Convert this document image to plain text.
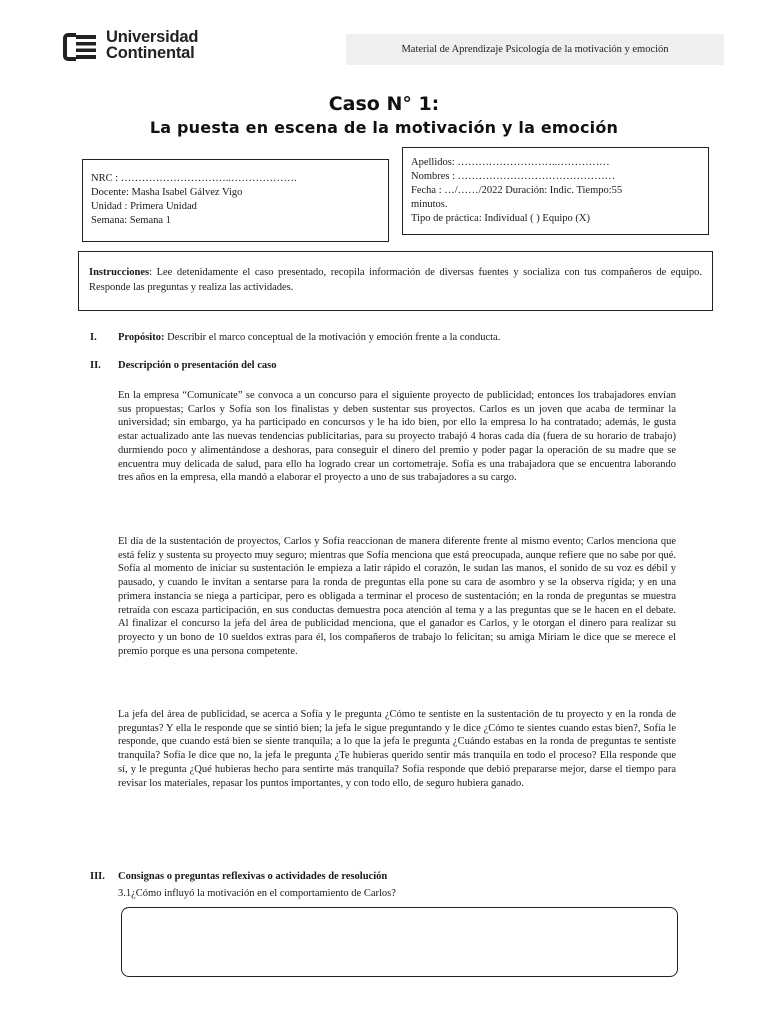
Universidad
Continental	Material de Aprendizaje Psicología de la motivación y emoción
Caso N° 1:
La puesta en escena de la motivación y la emoción
NRC : …………………………..……………….
Docente: Masha Isabel Gálvez Vigo
Unidad : Primera Unidad
Semana: Semana 1
Apellidos: ………………………..……………
Nombres : ………………………………………
Fecha : …/……/2022 Duración: Indic. Tiempo:55
minutos.
Tipo de práctica: Individual ( ) Equipo (X)
Instrucciones: Lee detenidamente el caso presentado, recopila información de diversas fuentes y socializa con tus compañeros de equipo. Responde las preguntas y realiza las actividades.
I. Propósito: Describir el marco conceptual de la motivación y emoción frente a la conducta.
II. Descripción o presentación del caso
En la empresa “Comunícate” se convoca a un concurso para el siguiente proyecto de publicidad; entonces los trabajadores envían sus propuestas; Carlos y Sofía son los finalistas y deben sustentar sus proyectos. Carlos es un joven que acaba de terminar la universidad; sin embargo, ya ha participado en concursos y le ha ido bien, por ello la empresa lo ha contratado; además, le gusta estar actualizado ante las nuevas tendencias publicitarias, para su proyecto trabajó 4 horas cada día (fuera de su horario de trabajo) durmiendo poco y alimentándose a deshoras, para conseguir el dinero del premio y poder pagar la operación de su madre que se encuentra muy delicada de salud, para ello ha logrado crear un cortometraje. Sofía es una trabajadora que se encuentra laborando tres años en la empresa, ella mandó a elaborar el proyecto a uno de sus trabajadores a su cargo.
El día de la sustentación de proyectos, Carlos y Sofía reaccionan de manera diferente frente al mismo evento; Carlos menciona que está feliz y sustenta su proyecto muy seguro; mientras que Sofía menciona que está preocupada, aunque refiere que no sabe por qué. Sofía al momento de iniciar su sustentación le empieza a latir rápido el corazón, le sudan las manos, el sonido de su voz es débil y pausado, y cuando le invitan a sentarse para la ronda de preguntas ella pone su cara de asombro y se la observa rígida; y en una primera instancia se niega a participar, pero es obligada a terminar el proceso de sustentación; en la ronda de preguntas se muestra retraída con escaza participación, en sus conductas demuestra poca atención al tema y a las preguntas que se le hacen en el debate. Al finalizar el concurso la jefa del área de publicidad menciona, que el ganador es Carlos, y le otorgan el dinero para realizar su proyecto y un bono de 10 sueldos extras para él, los compañeros de trabajo lo felicitan; su amiga Miriam le dice que se merece el premio porque es una persona competente.
La jefa del área de publicidad, se acerca a Sofía y le pregunta ¿Cómo te sentiste en la sustentación de tu proyecto y en la ronda de preguntas? Y ella le responde que se sintió bien; la jefa le sigue preguntando y le dice ¿Cómo te sientes cuando estas bien?, Sofía le responde, que cuando está bien se siente tranquila; a lo que la jefa le pregunta ¿Cuándo estabas en la ronda de preguntas te sentiste tranquila? Sofía le dice que no, la jefa le pregunta ¿Te hubieras querido sentir más tranquila en todo el proceso? Ella responde que sí, y le pregunta ¿Qué hubieras hecho para sentirte más tranquila? Sofía responde que debió prepararse mejor, darse el tiempo para revisar los materiales, repasar los puntos importantes, y con todo ello, de seguro hubiera ganado.
III. Consignas o preguntas reflexivas o actividades de resolución
3.1¿Cómo influyó la motivación en el comportamiento de Carlos?
